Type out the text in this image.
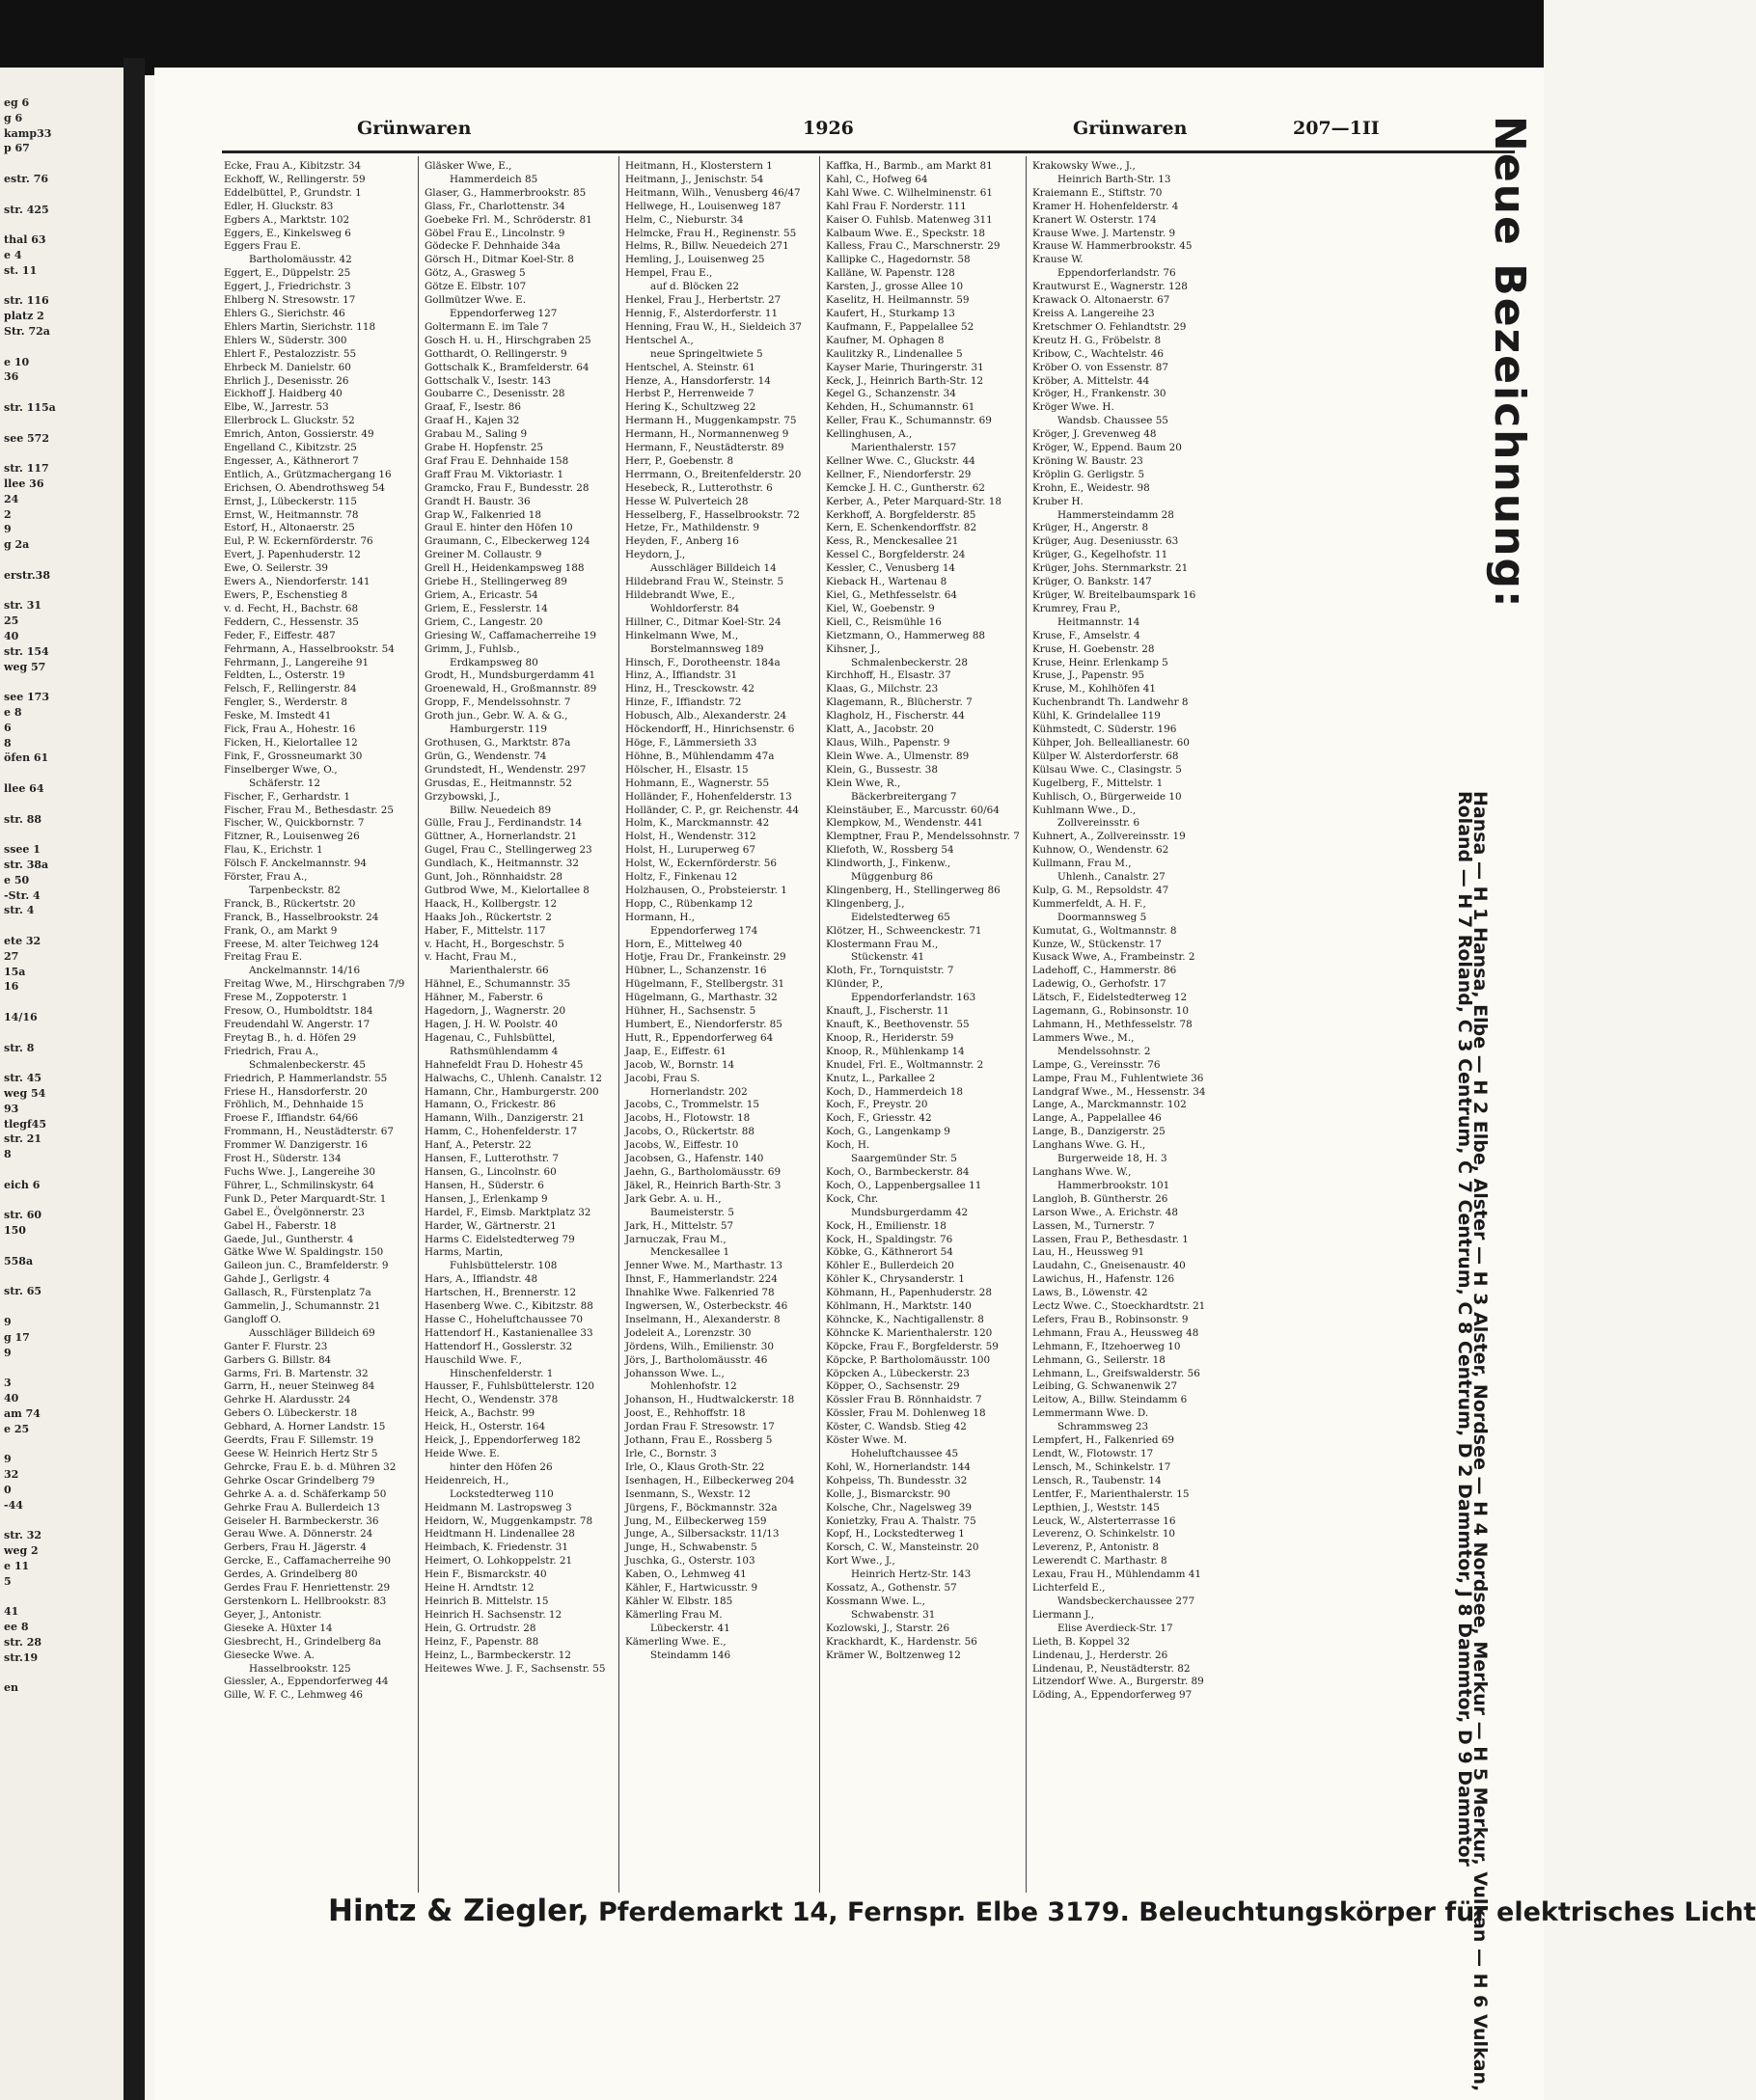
eg 6
g 6
kamp33
p 67
estr. 76
str. 425
thal 63
e 4
st. 11
str. 116
platz 2
Str. 72a
e 10
36
str. 115a
see 572
str. 117
llee 36
24
2
9
g 2a
erstr.38
str. 31
25
40
str. 154
weg 57
see 173
e 8
6
8
öfen 61
llee 64
str. 88
ssee 1
str. 38a
e 50
-Str. 4
str. 4
ete 32
27
15a
16
14/16
str. 8
str. 45
weg 54
93
tlegf45
str. 21
8
eich 6
str. 60
150
558a
str. 65
9
g 17
9
3
40
am 74
e 25
9
32
0
-44
str. 32
weg 2
e 11
5
41
ee 8
str. 28
str.19
en
Grünwaren	1926	Grünwaren	207—1ΙΙ
Ecke, Frau A., Kibitzstr. 34
Eckhoff, W., Rellingerstr. 59
Eddelbüttel, P., Grundstr. 1
Edler, H. Gluckstr. 83
Egbers A., Marktstr. 102
Eggers, E., Kinkelsweg 6
Eggers Frau E.
Bartholomäusstr. 42
Eggert, E., Düppelstr. 25
Eggert, J., Friedrichstr. 3
Ehlberg N. Stresowstr. 17
Ehlers G., Sierichstr. 46
Ehlers Martin, Sierichstr. 118
Ehlers W., Süderstr. 300
Ehlert F., Pestalozzistr. 55
Ehrbeck M. Danielstr. 60
Ehrlich J., Desenisstr. 26
Eickhoff J. Haidberg 40
Elbe, W., Jarrestr. 53
Ellerbrock L. Gluckstr. 52
Emrich, Anton, Gossierstr. 49
Engelland C., Kibitzstr. 25
Engesser, A., Käthnerort 7
Entlich, A., Grützmachergang 16
Erichsen, O. Abendrothsweg 54
Ernst, J., Lübeckerstr. 115
Ernst, W., Heitmannstr. 78
Estorf, H., Altonaerstr. 25
Eul, P. W. Eckernförderstr. 76
Evert, J. Papenhuderstr. 12
Ewe, O. Seilerstr. 39
Ewers A., Niendorferstr. 141
Ewers, P., Eschenstieg 8
v. d. Fecht, H., Bachstr. 68
Feddern, C., Hessenstr. 35
Feder, F., Eiffestr. 487
Fehrmann, A., Hasselbrookstr. 54
Fehrmann, J., Langereihe 91
Feldten, L., Osterstr. 19
Felsch, F., Rellingerstr. 84
Fengler, S., Werderstr. 8
Feske, M. Imstedt 41
Fick, Frau A., Hohestr. 16
Ficken, H., Kielortallee 12
Fink, F., Grossneumarkt 30
Finselberger Wwe, O.,
Schäferstr. 12
Fischer, F., Gerhardstr. 1
Fischer, Frau M., Bethesdastr. 25
Fischer, W., Quickbornstr. 7
Fitzner, R., Louisenweg 26
Flau, K., Erichstr. 1
Fölsch F. Anckelmannstr. 94
Förster, Frau A.,
Tarpenbeckstr. 82
Franck, B., Rückertstr. 20
Franck, B., Hasselbrookstr. 24
Frank, O., am Markt 9
Freese, M. alter Teichweg 124
Freitag Frau E.
Anckelmannstr. 14/16
Freitag Wwe, M., Hirschgraben 7/9
Frese M., Zoppoterstr. 1
Fresow, O., Humboldtstr. 184
Freudendahl W. Angerstr. 17
Freytag B., h. d. Höfen 29
Friedrich, Frau A.,
Schmalenbeckerstr. 45
Friedrich, P. Hammerlandstr. 55
Friese H., Hansdorferstr. 20
Fröhlich, M., Dehnhaide 15
Froese F., Iffiandstr. 64/66
Frommann, H., Neustädterstr. 67
Frommer W. Danzigerstr. 16
Frost H., Süderstr. 134
Fuchs Wwe. J., Langereihe 30
Führer, L., Schmilinskystr. 64
Funk D., Peter Marquardt-Str. 1
Gabel E., Övelgönnerstr. 23
Gabel H., Faberstr. 18
Gaede, Jul., Guntherstr. 4
Gätke Wwe W. Spaldingstr. 150
Gaileon jun. C., Bramfelderstr. 9
Gahde J., Gerligstr. 4
Gallasch, R., Fürstenplatz 7a
Gammelin, J., Schumannstr. 21
Gangloff O.
Ausschläger Billdeich 69
Ganter F. Flurstr. 23
Garbers G. Billstr. 84
Garms, Fri. B. Martenstr. 32
Garrn, H., neuer Steinweg 84
Gehrke H. Alardusstr. 24
Gebers O. Lübeckerstr. 18
Gebhard, A. Horner Landstr. 15
Geerdts, Frau F. Sillemstr. 19
Geese W. Heinrich Hertz Str 5
Gehrcke, Frau E. b. d. Mühren 32
Gehrke Oscar Grindelberg 79
Gehrke A. a. d. Schäferkamp 50
Gehrke Frau A. Bullerdeich 13
Geiseler H. Barmbeckerstr. 36
Gerau Wwe. A. Dönnerstr. 24
Gerbers, Frau H. Jägerstr. 4
Gercke, E., Caffamacherreihe 90
Gerdes, A. Grindelberg 80
Gerdes Frau F. Henriettenstr. 29
Gerstenkorn L. Hellbrookstr. 83
Geyer, J., Antonistr.
Gieseke A. Hüxter 14
Giesbrecht, H., Grindelberg 8a
Giesecke Wwe. A.
Hasselbrookstr. 125
Giessler, A., Eppendorferweg 44
Gille, W. F. C., Lehmweg 46
Gläsker Wwe, E.,
Hammerdeich 85
Glaser, G., Hammerbrookstr. 85
Glass, Fr., Charlottenstr. 34
Goebeke Frl. M., Schröderstr. 81
Göbel Frau E., Lincolnstr. 9
Gödecke F. Dehnhaide 34a
Görsch H., Ditmar Koel-Str. 8
Götz, A., Grasweg 5
Götze E. Elbstr. 107
Gollmützer Wwe. E.
Eppendorferweg 127
Goltermann E. im Tale 7
Gosch H. u. H., Hirschgraben 25
Gotthardt, O. Rellingerstr. 9
Gottschalk K., Bramfelderstr. 64
Gottschalk V., Isestr. 143
Goubarre C., Desenisstr. 28
Graaf, F., Isestr. 86
Graaf H., Kajen 32
Grabau M., Saling 9
Grabe H. Hopfenstr. 25
Graf Frau E. Dehnhaide 158
Graff Frau M. Viktoriastr. 1
Gramcko, Frau F., Bundesstr. 28
Grandt H. Baustr. 36
Grap W., Falkenried 18
Graul E. hinter den Höfen 10
Graumann, C., Elbeckerweg 124
Greiner M. Collaustr. 9
Grell H., Heidenkampsweg 188
Griebe H., Stellingerweg 89
Griem, A., Ericastr. 54
Griem, E., Fesslerstr. 14
Griem, C., Langestr. 20
Griesing W., Caffamacherreihe 19
Grimm, J., Fuhlsb.,
Erdkampsweg 80
Grodt, H., Mundsburgerdamm 41
Groenewald, H., Großmannstr. 89
Gropp, F., Mendelssohnstr. 7
Groth jun., Gebr. W. A. & G.,
Hamburgerstr. 119
Grothusen, G., Marktstr. 87a
Grün, G., Wendenstr. 74
Grundstedt, H., Wendenstr. 297
Grusdas, E., Heitmannstr. 52
Grzybowski, J.,
Billw. Neuedeich 89
Gülle, Frau J., Ferdinandstr. 14
Güttner, A., Hornerlandstr. 21
Gugel, Frau C., Stellingerweg 23
Gundlach, K., Heitmannstr. 32
Gunt, Joh., Rönnhaidstr. 28
Gutbrod Wwe, M., Kielortallee 8
Haack, H., Kollbergstr. 12
Haaks Joh., Rückertstr. 2
Haber, F., Mittelstr. 117
v. Hacht, H., Borgeschstr. 5
v. Hacht, Frau M.,
Marienthalerstr. 66
Hähnel, E., Schumannstr. 35
Hähner, M., Faberstr. 6
Hagedorn, J., Wagnerstr. 20
Hagen, J. H. W. Poolstr. 40
Hagenau, C., Fuhlsbüttel,
Rathsmühlendamm 4
Hahnefeldt Frau D. Hohestr 45
Halwachs, C., Uhlenh. Canalstr. 12
Hamann, Chr., Hamburgerstr. 200
Hamann, O., Frickestr. 86
Hamann, Wilh., Danzigerstr. 21
Hamm, C., Hohenfelderstr. 17
Hanf, A., Peterstr. 22
Hansen, F., Lutterothstr. 7
Hansen, G., Lincolnstr. 60
Hansen, H., Süderstr. 6
Hansen, J., Erlenkamp 9
Hardel, F., Eimsb. Marktplatz 32
Harder, W., Gärtnerstr. 21
Harms C. Eidelstedterweg 79
Harms, Martin,
Fuhlsbüttelerstr. 108
Hars, A., Iffiandstr. 48
Hartschen, H., Brennerstr. 12
Hasenberg Wwe. C., Kibitzstr. 88
Hasse C., Hoheluftchaussee 70
Hattendorf H., Kastanienallee 33
Hattendorf H., Gosslerstr. 32
Hauschild Wwe. F.,
Hinschenfelderstr. 1
Hausser, F., Fuhlsbüttelerstr. 120
Hecht, O., Wendenstr. 378
Heick, A., Bachstr. 99
Heick, H., Osterstr. 164
Heick, J., Eppendorferweg 182
Heide Wwe. E.
hinter den Höfen 26
Heidenreich, H.,
Lockstedterweg 110
Heidmann M. Lastropsweg 3
Heidorn, W., Muggenkampstr. 78
Heidtmann H. Lindenallee 28
Heimbach, K. Friedenstr. 31
Heimert, O. Lohkoppelstr. 21
Hein F., Bismarckstr. 40
Heine H. Arndtstr. 12
Heinrich B. Mittelstr. 15
Heinrich H. Sachsenstr. 12
Hein, G. Ortrudstr. 28
Heinz, F., Papenstr. 88
Heinz, L., Barmbeckerstr. 12
Heitewes Wwe. J. F., Sachsenstr. 55
Heitmann, H., Klosterstern 1
Heitmann, J., Jenischstr. 54
Heitmann, Wilh., Venusberg 46/47
Hellwege, H., Louisenweg 187
Helm, C., Nieburstr. 34
Helmcke, Frau H., Reginenstr. 55
Helms, R., Billw. Neuedeich 271
Hemling, J., Louisenweg 25
Hempel, Frau E.,
auf d. Blöcken 22
Henkel, Frau J., Herbertstr. 27
Hennig, F., Alsterdorferstr. 11
Henning, Frau W., H., Sieldeich 37
Hentschel A.,
neue Springeltwiete 5
Hentschel, A. Steinstr. 61
Henze, A., Hansdorferstr. 14
Herbst P., Herrenweide 7
Hering K., Schultzweg 22
Hermann H., Muggenkampstr. 75
Hermann, H., Normannenweg 9
Hermann, F., Neustädterstr. 89
Herr, P., Goebenstr. 8
Herrmann, O., Breitenfelderstr. 20
Hesebeck, R., Lutterothstr. 6
Hesse W. Pulverteich 28
Hesselberg, F., Hasselbrookstr. 72
Hetze, Fr., Mathildenstr. 9
Heyden, F., Anberg 16
Heydorn, J.,
Ausschläger Billdeich 14
Hildebrand Frau W., Steinstr. 5
Hildebrandt Wwe, E.,
Wohldorferstr. 84
Hillner, C., Ditmar Koel-Str. 24
Hinkelmann Wwe, M.,
Borstelmannsweg 189
Hinsch, F., Dorotheenstr. 184a
Hinz, A., Iffiandstr. 31
Hinz, H., Tresckowstr. 42
Hinze, F., Iffiandstr. 72
Hobusch, Alb., Alexanderstr. 24
Höckendorff, H., Hinrichsenstr. 6
Höge, F., Lämmersieth 33
Höhne, B., Mühlendamm 47a
Hölscher, H., Elsastr. 15
Hohmann, E., Wagnerstr. 55
Holländer, F., Hohenfelderstr. 13
Holländer, C. P., gr. Reichenstr. 44
Holm, K., Marckmannstr. 42
Holst, H., Wendenstr. 312
Holst, H., Luruperweg 67
Holst, W., Eckernförderstr. 56
Holtz, F., Finkenau 12
Holzhausen, O., Probsteierstr. 1
Hopp, C., Rübenkamp 12
Hormann, H.,
Eppendorferweg 174
Horn, E., Mittelweg 40
Hotje, Frau Dr., Frankeinstr. 29
Hübner, L., Schanzenstr. 16
Hügelmann, F., Stellbergstr. 31
Hügelmann, G., Marthastr. 32
Hühner, H., Sachsenstr. 5
Humbert, E., Niendorferstr. 85
Hutt, R., Eppendorferweg 64
Jaap, E., Eiffestr. 61
Jacob, W., Bornstr. 14
Jacobi, Frau S.
Hornerlandstr. 202
Jacobs, C., Trommelstr. 15
Jacobs, H., Flotowstr. 18
Jacobs, O., Rückertstr. 88
Jacobs, W., Eiffestr. 10
Jacobsen, G., Hafenstr. 140
Jaehn, G., Bartholomäusstr. 69
Jäkel, R., Heinrich Barth-Str. 3
Jark Gebr. A. u. H.,
Baumeisterstr. 5
Jark, H., Mittelstr. 57
Jarnuczak, Frau M.,
Menckesallee 1
Jenner Wwe. M., Marthastr. 13
Ihnst, F., Hammerlandstr. 224
Ihnahlke Wwe. Falkenried 78
Ingwersen, W., Osterbeckstr. 46
Inselmann, H., Alexanderstr. 8
Jodeleit A., Lorenzstr. 30
Jördens, Wilh., Emilienstr. 30
Jörs, J., Bartholomäusstr. 46
Johansson Wwe. L.,
Mohlenhofstr. 12
Johanson, H., Hudtwalckerstr. 18
Joost, E., Rehhoffstr. 18
Jordan Frau F. Stresowstr. 17
Jothann, Frau E., Rossberg 5
Irle, C., Bornstr. 3
Irle, O., Klaus Groth-Str. 22
Isenhagen, H., Eilbeckerweg 204
Isenmann, S., Wexstr. 12
Jürgens, F., Böckmannstr. 32a
Jung, M., Eilbeckerweg 159
Junge, A., Silbersackstr. 11/13
Junge, H., Schwabenstr. 5
Juschka, G., Osterstr. 103
Kaben, O., Lehmweg 41
Kähler, F., Hartwicusstr. 9
Kähler W. Elbstr. 185
Kämerling Frau M.
Lübeckerstr. 41
Kämerling Wwe. E.,
Steindamm 146
Kaffka, H., Barmb., am Markt 81
Kahl, C., Hofweg 64
Kahl Wwe. C. Wilhelminenstr. 61
Kahl Frau F. Norderstr. 111
Kaiser O. Fuhlsb. Matenweg 311
Kalbaum Wwe. E., Speckstr. 18
Kalless, Frau C., Marschnerstr. 29
Kallipke C., Hagedornstr. 58
Kalläne, W. Papenstr. 128
Karsten, J., grosse Allee 10
Kaselitz, H. Heilmannstr. 59
Kaufert, H., Sturkamp 13
Kaufmann, F., Pappelallee 52
Kaufner, M. Ophagen 8
Kaulitzky R., Lindenallee 5
Kayser Marie, Thuringerstr. 31
Keck, J., Heinrich Barth-Str. 12
Kegel G., Schanzenstr. 34
Kehden, H., Schumannstr. 61
Keller, Frau K., Schumannstr. 69
Kellinghusen, A.,
Marienthalerstr. 157
Kellner Wwe. C., Gluckstr. 44
Kellner, F., Niendorferstr. 29
Kemcke J. H. C., Guntherstr. 62
Kerber, A., Peter Marquard-Str. 18
Kerkhoff, A. Borgfelderstr. 85
Kern, E. Schenkendorffstr. 82
Kess, R., Menckesallee 21
Kessel C., Borgfelderstr. 24
Kessler, C., Venusberg 14
Kieback H., Wartenau 8
Kiel, G., Methfesselstr. 64
Kiel, W., Goebenstr. 9
Kiell, C., Reismühle 16
Kietzmann, O., Hammerweg 88
Kihsner, J.,
Schmalenbeckerstr. 28
Kirchhoff, H., Elsastr. 37
Klaas, G., Milchstr. 23
Klagemann, R., Blücherstr. 7
Klagholz, H., Fischerstr. 44
Klatt, A., Jacobstr. 20
Klaus, Wilh., Papenstr. 9
Klein Wwe. A., Ulmenstr. 89
Klein, G., Bussestr. 38
Klein Wwe, R.,
Bäckerbreitergang 7
Kleinstäuber, E., Marcusstr. 60/64
Klempkow, M., Wendenstr. 441
Klemptner, Frau P., Mendelssohnstr. 7
Kliefoth, W., Rossberg 54
Klindworth, J., Finkenw.,
Müggenburg 86
Klingenberg, H., Stellingerweg 86
Klingenberg, J.,
Eidelstedterweg 65
Klötzer, H., Schweenckestr. 71
Klostermann Frau M.,
Stückenstr. 41
Kloth, Fr., Tornquiststr. 7
Klünder, P.,
Eppendorferlandstr. 163
Knauft, J., Fischerstr. 11
Knauft, K., Beethovenstr. 55
Knoop, R., Heriderstr. 59
Knoop, R., Mühlenkamp 14
Knudel, Frl. E., Woltmannstr. 2
Knutz, L., Parkallee 2
Koch, D., Hammerdeich 18
Koch, F., Preystr. 20
Koch, F., Griesstr. 42
Koch, G., Langenkamp 9
Koch, H.
Saargemünder Str. 5
Koch, O., Barmbeckerstr. 84
Koch, O., Lappenbergsallee 11
Kock, Chr.
Mundsburgerdamm 42
Kock, H., Emilienstr. 18
Kock, H., Spaldingstr. 76
Köbke, G., Käthnerort 54
Köhler E., Bullerdeich 20
Köhler K., Chrysanderstr. 1
Köhmann, H., Papenhuderstr. 28
Köhlmann, H., Marktstr. 140
Köhncke, K., Nachtigallenstr. 8
Köhncke K. Marienthalerstr. 120
Köpcke, Frau F., Borgfelderstr. 59
Köpcke, P. Bartholomäusstr. 100
Köpcken A., Lübeckerstr. 23
Köpper, O., Sachsenstr. 29
Kössler Frau B. Rönnhaidstr. 7
Kössler, Frau M. Dohlenweg 18
Köster, C. Wandsb. Stieg 42
Köster Wwe. M.
Hoheluftchaussee 45
Kohl, W., Hornerlandstr. 144
Kohpeiss, Th. Bundesstr. 32
Kolle, J., Bismarckstr. 90
Kolsche, Chr., Nagelsweg 39
Konietzky, Frau A. Thalstr. 75
Kopf, H., Lockstedterweg 1
Korsch, C. W., Mansteinstr. 20
Kort Wwe., J.,
Heinrich Hertz-Str. 143
Kossatz, A., Gothenstr. 57
Kossmann Wwe. L.,
Schwabenstr. 31
Kozlowski, J., Starstr. 26
Krackhardt, K., Hardenstr. 56
Krämer W., Boltzenweg 12
Krakowsky Wwe., J.,
Heinrich Barth-Str. 13
Kraiemann E., Stiftstr. 70
Kramer H. Hohenfelderstr. 4
Kranert W. Osterstr. 174
Krause Wwe. J. Martenstr. 9
Krause W. Hammerbrookstr. 45
Krause W.
Eppendorferlandstr. 76
Krautwurst E., Wagnerstr. 128
Krawack O. Altonaerstr. 67
Kreiss A. Langereihe 23
Kretschmer O. Fehlandtstr. 29
Kreutz H. G., Fröbelstr. 8
Kribow, C., Wachtelstr. 46
Kröber O. von Essenstr. 87
Kröber, A. Mittelstr. 44
Kröger, H., Frankenstr. 30
Kröger Wwe. H.
Wandsb. Chaussee 55
Kröger, J. Grevenweg 48
Kröger, W., Eppend. Baum 20
Kröning W. Baustr. 23
Kröplin G. Gerligstr. 5
Krohn, E., Weidestr. 98
Kruber H.
Hammersteindamm 28
Krüger, H., Angerstr. 8
Krüger, Aug. Deseniusstr. 63
Krüger, G., Kegelhofstr. 11
Krüger, Johs. Sternmarkstr. 21
Krüger, O. Bankstr. 147
Krüger, W. Breitelbaumspark 16
Krumrey, Frau P.,
Heitmannstr. 14
Kruse, F., Amselstr. 4
Kruse, H. Goebenstr. 28
Kruse, Heinr. Erlenkamp 5
Kruse, J., Papenstr. 95
Kruse, M., Kohlhöfen 41
Kuchenbrandt Th. Landwehr 8
Kühl, K. Grindelallee 119
Kühmstedt, C. Süderstr. 196
Kühper, Joh. Belleallianestr. 60
Külper W. Alsterdorferstr. 68
Külsau Wwe. C., Clasingstr. 5
Kugelberg, F., Mittelstr. 1
Kuhlisch, O., Bürgerweide 10
Kuhlmann Wwe., D.,
Zollvereinsstr. 6
Kuhnert, A., Zollvereinsstr. 19
Kuhnow, O., Wendenstr. 62
Kullmann, Frau M.,
Uhlenh., Canalstr. 27
Kulp, G. M., Repsoldstr. 47
Kummerfeldt, A. H. F.,
Doormannsweg 5
Kumutat, G., Woltmannstr. 8
Kunze, W., Stückenstr. 17
Kusack Wwe, A., Frambeinstr. 2
Ladehoff, C., Hammerstr. 86
Ladewig, O., Gerhofstr. 17
Lätsch, F., Eidelstedterweg 12
Lagemann, G., Robinsonstr. 10
Lahmann, H., Methfesselstr. 78
Lammers Wwe., M.,
Mendelssohnstr. 2
Lampe, G., Vereinsstr. 76
Lampe, Frau M., Fuhlentwiete 36
Landgraf Wwe., M., Hessenstr. 34
Lange, A., Marckmannstr. 102
Lange, A., Pappelallee 46
Lange, B., Danzigerstr. 25
Langhans Wwe. G. H.,
Burgerweide 18, H. 3
Langhans Wwe. W.,
Hammerbrookstr. 101
Langloh, B. Güntherstr. 26
Larson Wwe., A. Erichstr. 48
Lassen, M., Turnerstr. 7
Lassen, Frau P., Bethesdastr. 1
Lau, H., Heussweg 91
Laudahn, C., Gneisenaustr. 40
Lawichus, H., Hafenstr. 126
Laws, B., Löwenstr. 42
Lectz Wwe. C., Stoeckhardtstr. 21
Lefers, Frau B., Robinsonstr. 9
Lehmann, Frau A., Heussweg 48
Lehmann, F., Itzehoerweg 10
Lehmann, G., Seilerstr. 18
Lehmann, L., Greifswalderstr. 56
Leibing, G. Schwanenwik 27
Leitow, A., Billw. Steindamm 6
Lemmermann Wwe. D.
Schrammsweg 23
Lempfert, H., Falkenried 69
Lendt, W., Flotowstr. 17
Lensch, M., Schinkelstr. 17
Lensch, R., Taubenstr. 14
Lentfer, F., Marienthalerstr. 15
Lepthien, J., Weststr. 145
Leuck, W., Alsterterrasse 16
Leverenz, O. Schinkelstr. 10
Leverenz, P., Antonistr. 8
Lewerendt C. Marthastr. 8
Lexau, Frau H., Mühlendamm 41
Lichterfeld E.,
Wandsbeckerchaussee 277
Liermann J.,
Elise Averdieck-Str. 17
Lieth, B. Koppel 32
Lindenau, J., Herderstr. 26
Lindenau, P., Neustädterstr. 82
Litzendorf Wwe. A., Burgerstr. 89
Löding, A., Eppendorferweg 97
Hintz & Ziegler, Pferdemarkt 14, Fernspr. Elbe 3179. Beleuchtungskörper für elektrisches Licht
Neue Bezeichnung:
Hansa — H 1 Hansa, Elbe — H 2 Elbe, Alster — H 3 Alster, Nordsee — H 4 Nordsee, Merkur — H 5 Merkur, Vulkan — H 6 Vulkan,
Roland — H 7 Roland, C 3 Centrum, C 7 Centrum, C 8 Centrum, D 2 Dammtor, J 8 Dammtor, D 9 Dammtor
